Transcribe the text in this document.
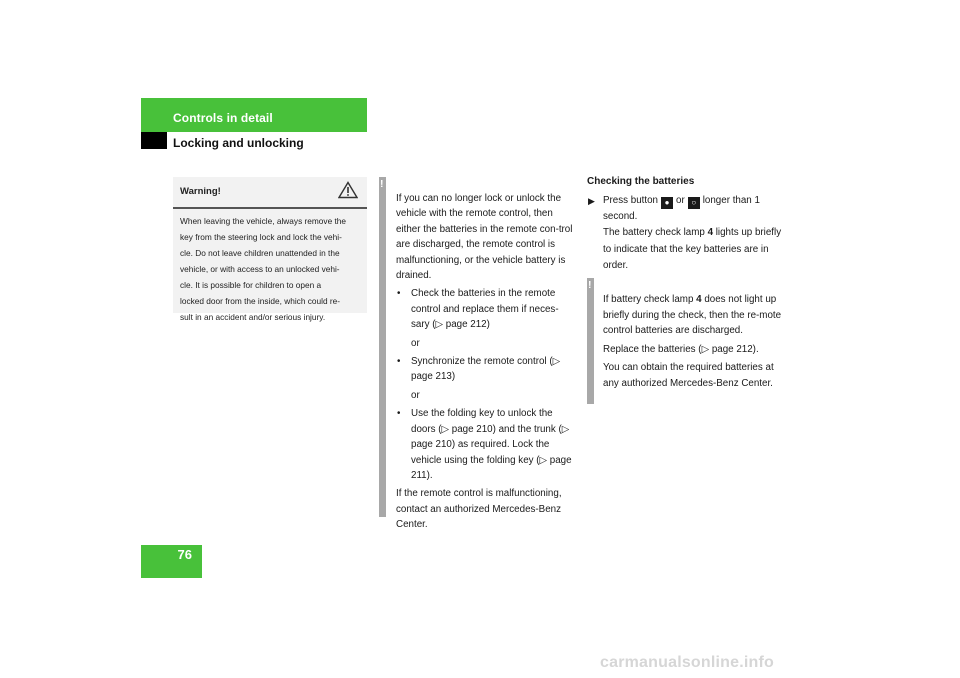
Controls in detail
Locking and unlocking
Warning!

When leaving the vehicle, always remove the

key from the steering lock and lock the vehi-

cle. Do not leave children unattended in the

vehicle, or with access to an unlocked vehi-

cle. It is possible for children to open a

locked door from the inside, which could re-

sult in an accident and/or serious injury.

!

If you can no longer lock or unlock the vehicle with the remote control, then either the batteries in the remote con-trol are discharged, the remote control is malfunctioning, or the vehicle battery is drained.

• Check the batteries in the remote control and replace them if neces-sary (▷ page 212)

or

• Synchronize the remote control (▷ page 213)

or

• Use the folding key to unlock the doors (▷ page 210) and the trunk (▷ page 210) as required. Lock the vehicle using the folding key (▷ page 211).

If the remote control is malfunctioning, contact an authorized Mercedes-Benz Center.

Checking the batteries
▶ Press button ● or ○ longer than 1 second.

The battery check lamp 4 lights up briefly to indicate that the key batteries are in order.

!

If battery check lamp 4 does not light up briefly during the check, then the re-mote control batteries are discharged.

Replace the batteries (▷ page 212).

You can obtain the required batteries at any authorized Mercedes-Benz Center.

76
carmanualsonline.info
